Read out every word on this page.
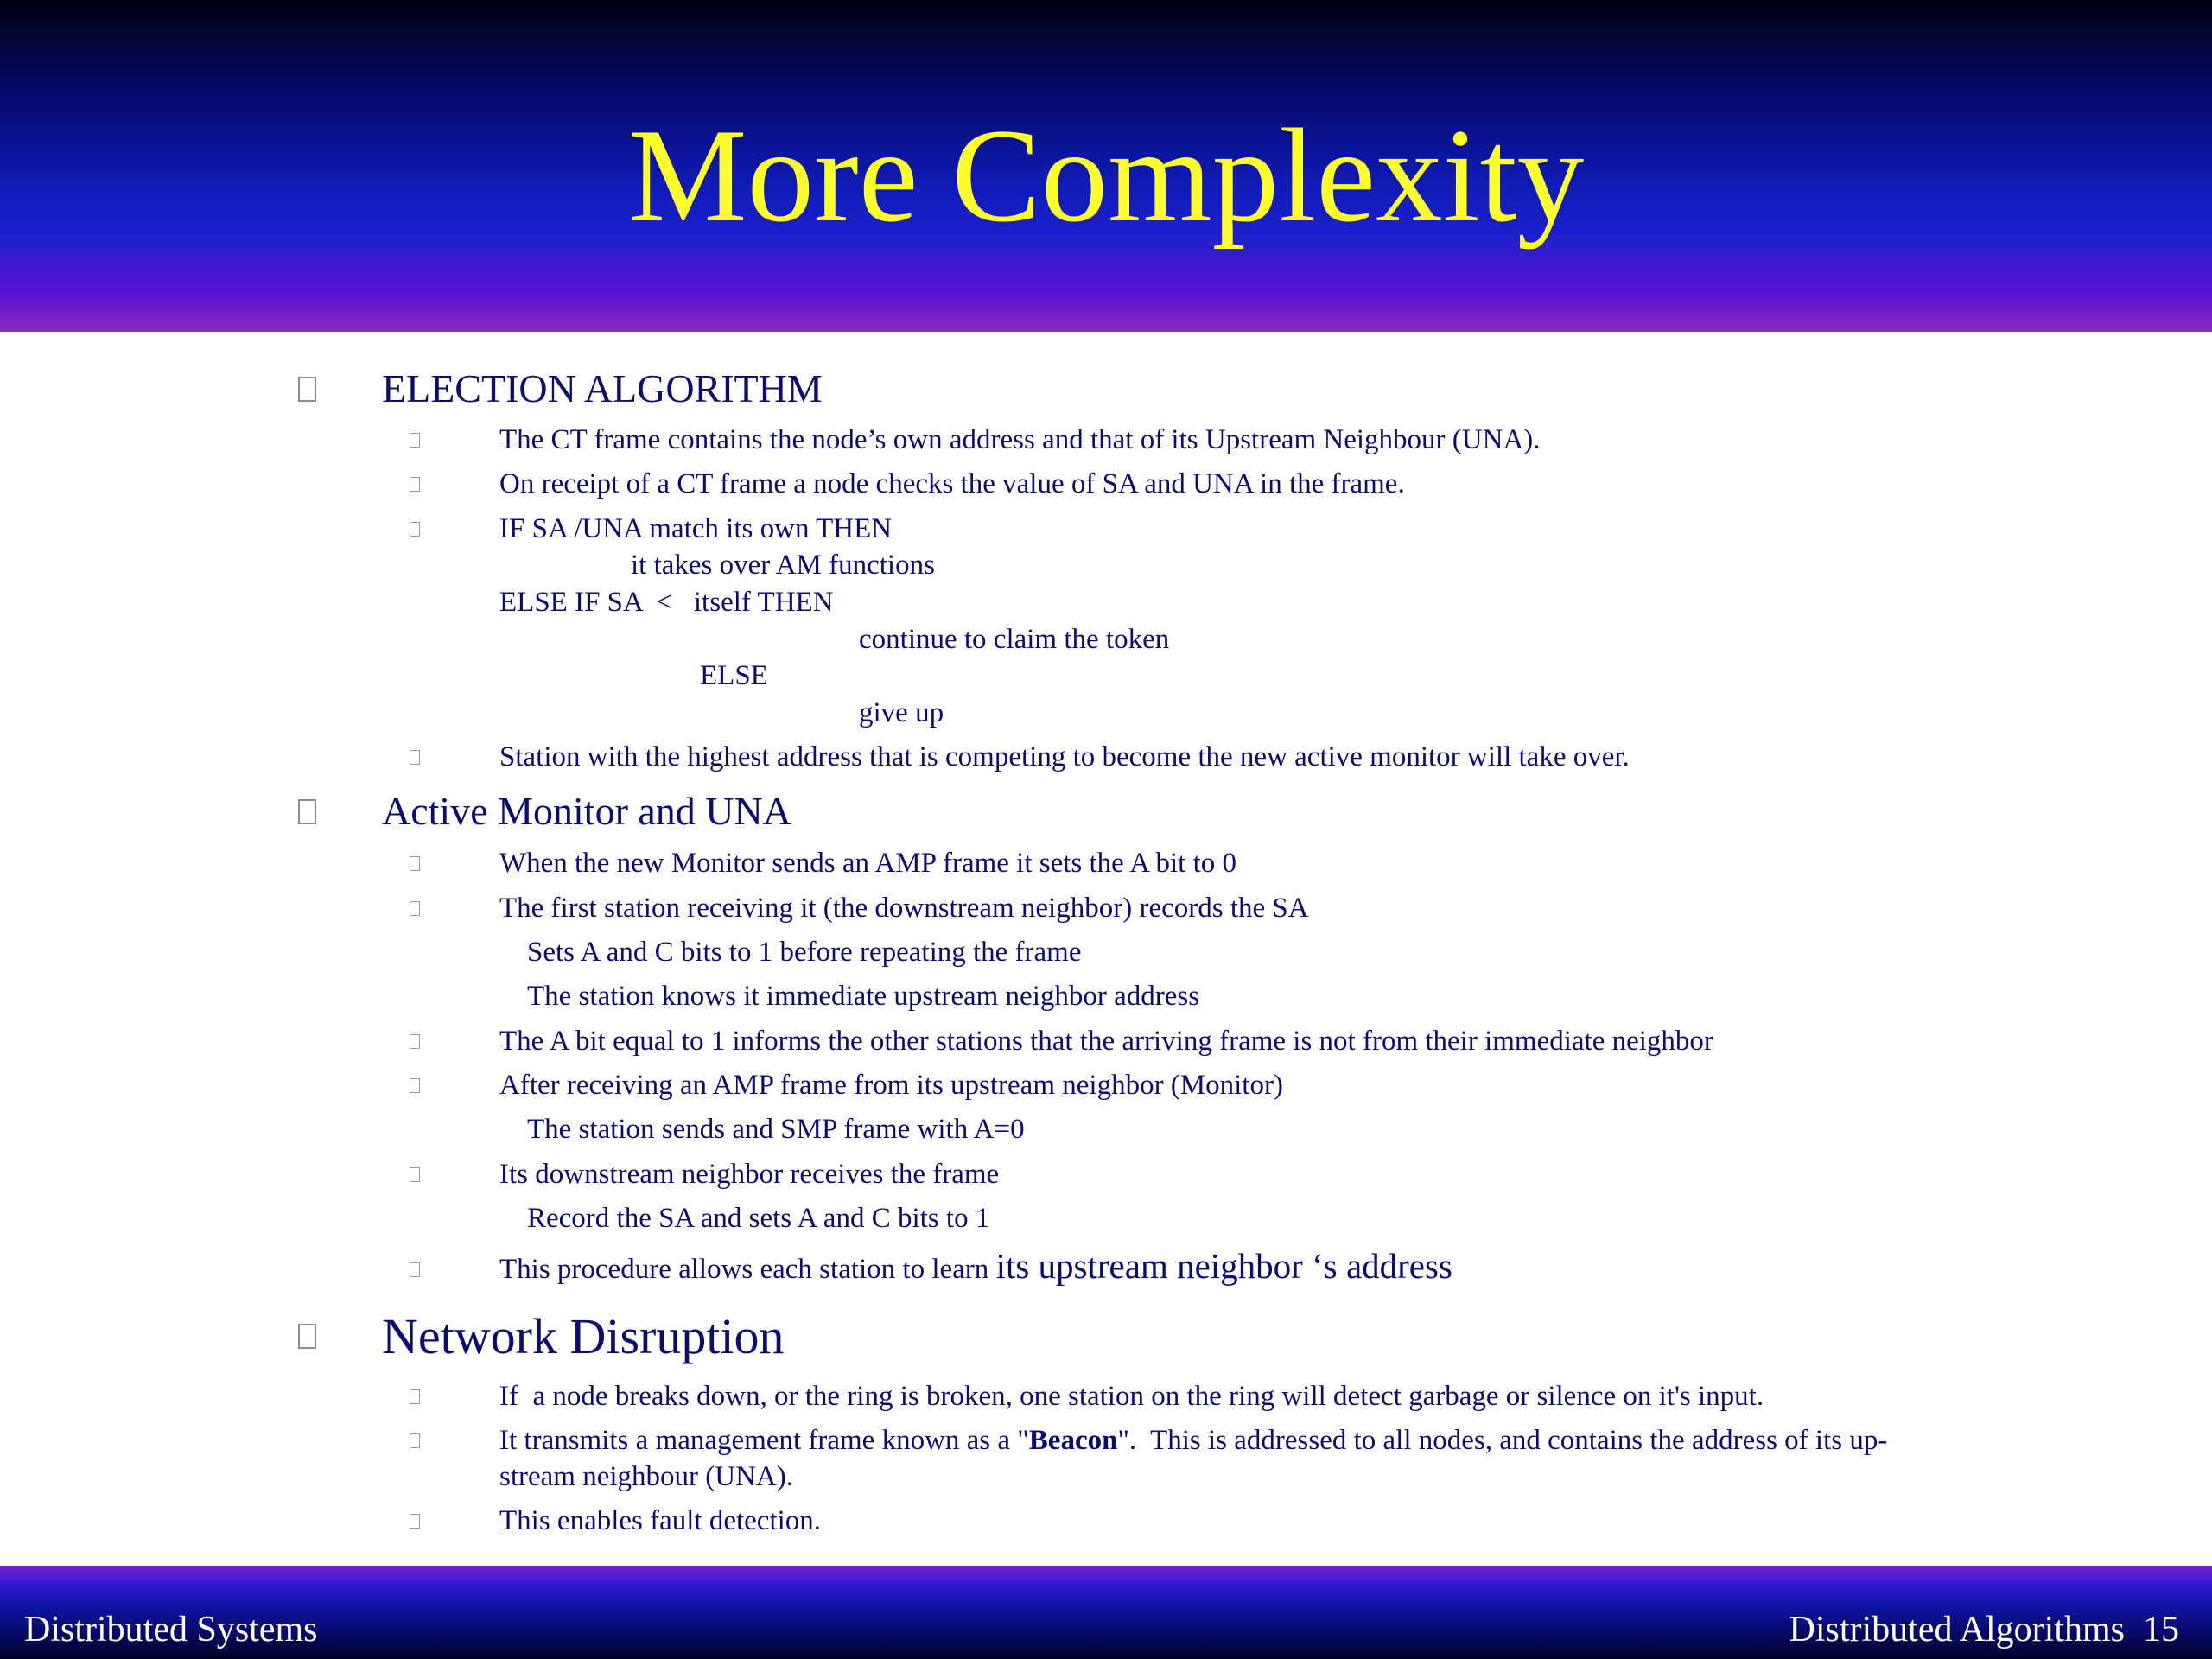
More Complexity
ELECTION ALGORITHM
The CT frame contains the node’s own address and that of its Upstream Neighbour (UNA).
On receipt of a CT frame a node checks the value of SA and UNA in the frame.
IF SA /UNA match its own THEN
it takes over AM functions
ELSE IF SA  <   itself THEN
continue to claim the token
ELSE
give up
Station with the highest address that is competing to become the new active monitor will take over.
Active Monitor and UNA
When the new Monitor sends an AMP frame it sets the A bit to 0
The first station receiving it (the downstream neighbor) records the SA
Sets A and C bits to 1 before repeating the frame
The station knows it immediate upstream neighbor address
The A bit equal to 1 informs the other stations that the arriving frame is not from their immediate neighbor
After receiving an AMP frame from its upstream neighbor (Monitor)
The station sends and SMP frame with A=0
Its downstream neighbor receives the frame
Record the SA and sets A and C bits to 1
This procedure allows each station to learn its upstream neighbor ‘s address
Network Disruption
If  a node breaks down, or the ring is broken, one station on the ring will detect garbage or silence on it's input.
It transmits a management frame known as a "Beacon".  This is addressed to all nodes, and contains the address of its up-
stream neighbour (UNA).
This enables fault detection.
Distributed Systems	Distributed Algorithms  15
